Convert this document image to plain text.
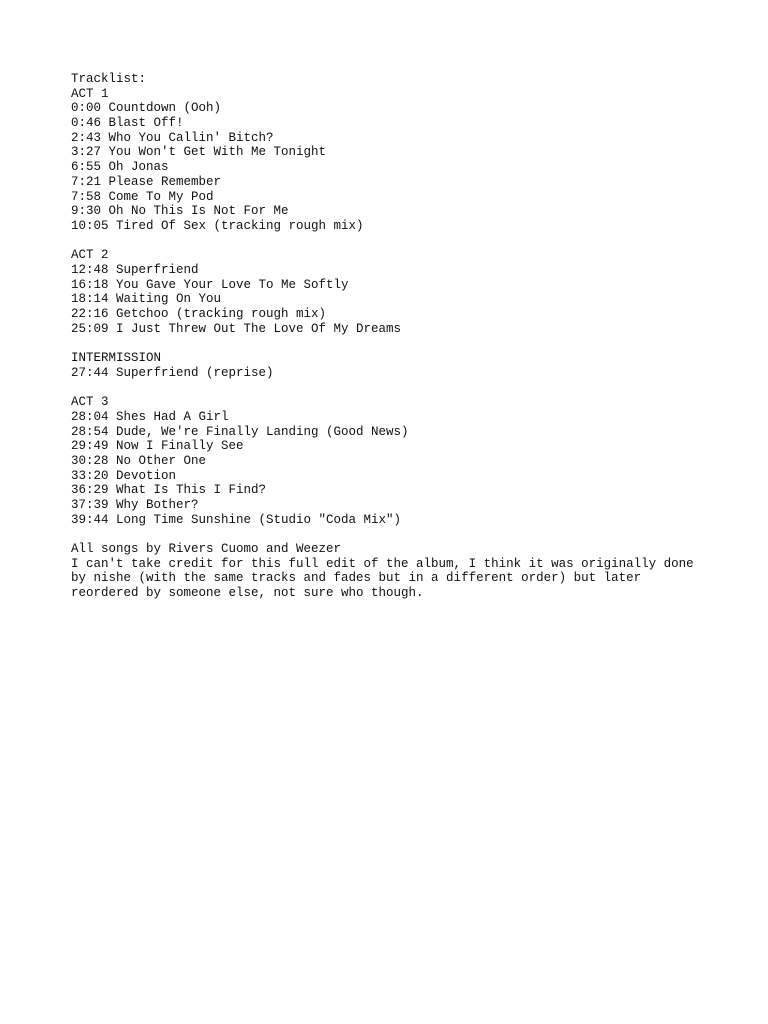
Tracklist:
ACT 1
0:00 Countdown (Ooh)
0:46 Blast Off!
2:43 Who You Callin' Bitch?
3:27 You Won't Get With Me Tonight
6:55 Oh Jonas
7:21 Please Remember
7:58 Come To My Pod
9:30 Oh No This Is Not For Me
10:05 Tired Of Sex (tracking rough mix)
ACT 2
12:48 Superfriend
16:18 You Gave Your Love To Me Softly
18:14 Waiting On You
22:16 Getchoo (tracking rough mix)
25:09 I Just Threw Out The Love Of My Dreams
INTERMISSION
27:44 Superfriend (reprise)
ACT 3
28:04 Shes Had A Girl
28:54 Dude, We're Finally Landing (Good News)
29:49 Now I Finally See
30:28 No Other One
33:20 Devotion
36:29 What Is This I Find?
37:39 Why Bother?
39:44 Long Time Sunshine (Studio "Coda Mix")
All songs by Rivers Cuomo and Weezer
I can't take credit for this full edit of the album, I think it was originally done
by nishe (with the same tracks and fades but in a different order) but later
reordered by someone else, not sure who though.
